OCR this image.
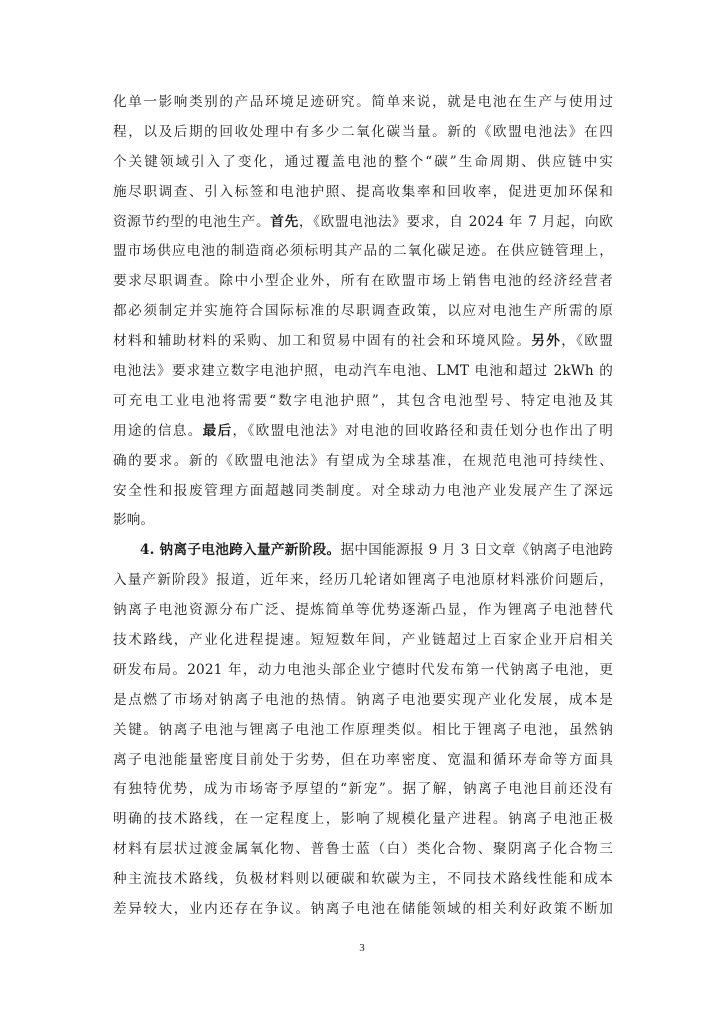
化单一影响类别的产品环境足迹研究。简单来说，就是电池在生产与使用过
程，以及后期的回收处理中有多少二氧化碳当量。新的《欧盟电池法》在四
个关键领域引入了变化，通过覆盖电池的整个“碳”生命周期、供应链中实
施尽职调查、引入标签和电池护照、提高收集率和回收率，促进更加环保和
资源节约型的电池生产。首先，《欧盟电池法》要求，自 2024 年 7 月起，向欧
盟市场供应电池的制造商必须标明其产品的二氧化碳足迹。在供应链管理上，
要求尽职调查。除中小型企业外，所有在欧盟市场上销售电池的经济经营者
都必须制定并实施符合国际标准的尽职调查政策，以应对电池生产所需的原
材料和辅助材料的采购、加工和贸易中固有的社会和环境风险。另外，《欧盟
电池法》要求建立数字电池护照，电动汽车电池、LMT 电池和超过 2kWh 的
可充电工业电池将需要“数字电池护照”，其包含电池型号、特定电池及其
用途的信息。最后，《欧盟电池法》对电池的回收路径和责任划分也作出了明
确的要求。新的《欧盟电池法》有望成为全球基准，在规范电池可持续性、
安全性和报废管理方面超越同类制度。对全球动力电池产业发展产生了深远
影响。
4. 钠离子电池跨入量产新阶段。据中国能源报 9 月 3 日文章《钠离子电池跨
入量产新阶段》报道，近年来，经历几轮诸如锂离子电池原材料涨价问题后，
钠离子电池资源分布广泛、提炼简单等优势逐渐凸显，作为锂离子电池替代
技术路线，产业化进程提速。短短数年间，产业链超过上百家企业开启相关
研发布局。2021 年，动力电池头部企业宁德时代发布第一代钠离子电池，更
是点燃了市场对钠离子电池的热情。钠离子电池要实现产业化发展，成本是
关键。钠离子电池与锂离子电池工作原理类似。相比于锂离子电池，虽然钠
离子电池能量密度目前处于劣势，但在功率密度、宽温和循环寿命等方面具
有独特优势，成为市场寄予厚望的“新宠”。据了解，钠离子电池目前还没有
明确的技术路线，在一定程度上，影响了规模化量产进程。钠离子电池正极
材料有层状过渡金属氧化物、普鲁士蓝（白）类化合物、聚阴离子化合物三
种主流技术路线，负极材料则以硬碳和软碳为主，不同技术路线性能和成本
差异较大，业内还存在争议。钠离子电池在储能领域的相关利好政策不断加
3
